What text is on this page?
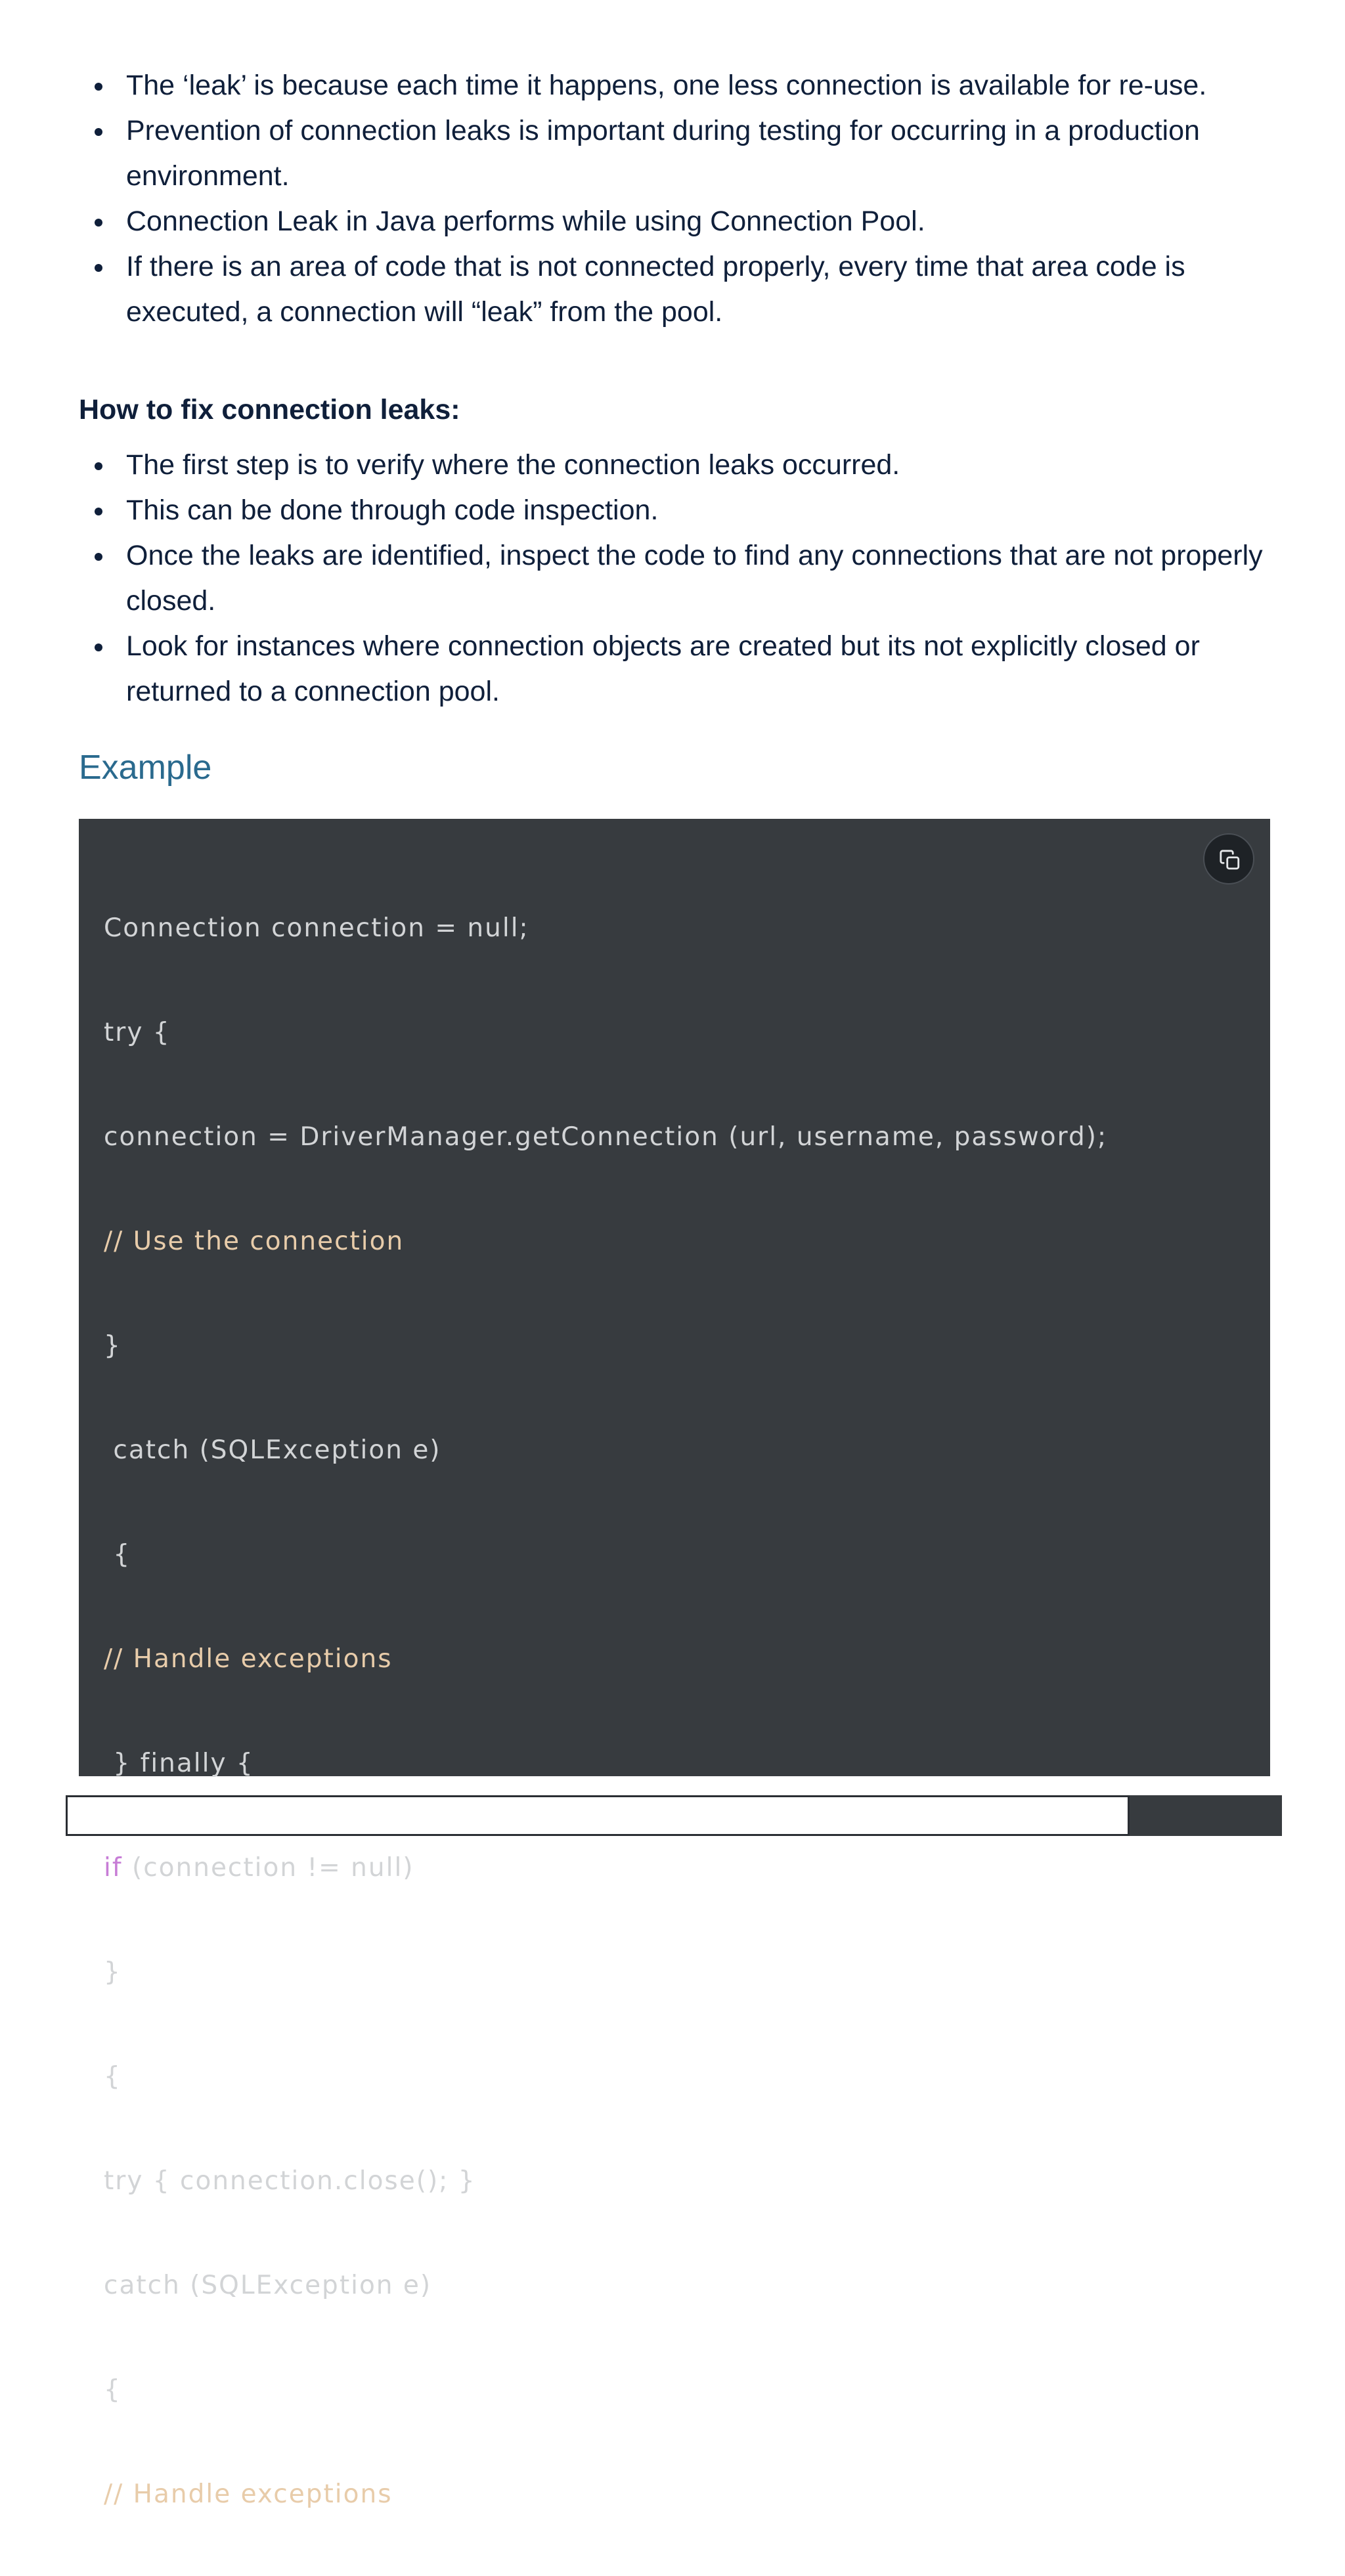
The ‘leak’ is because each time it happens, one less connection is available for re-use.
Prevention of connection leaks is important during testing for occurring in a production environment.
Connection Leak in Java performs while using Connection Pool.
If there is an area of code that is not connected properly, every time that area code is executed, a connection will “leak” from the pool.
How to fix connection leaks:
The first step is to verify where the connection leaks occurred.
This can be done through code inspection.
Once the leaks are identified, inspect the code to find any connections that are not properly closed.
Look for instances where connection objects are created but its not explicitly closed or returned to a connection pool.
Example

Connection connection = null;

try {

connection = DriverManager.getConnection (url, username, password);

// Use the connection

}

catch (SQLException e)

{

// Handle exceptions

} finally {

if (connection != null)

}

{

try { connection.close(); }

catch (SQLException e)

{

// Handle exceptions
